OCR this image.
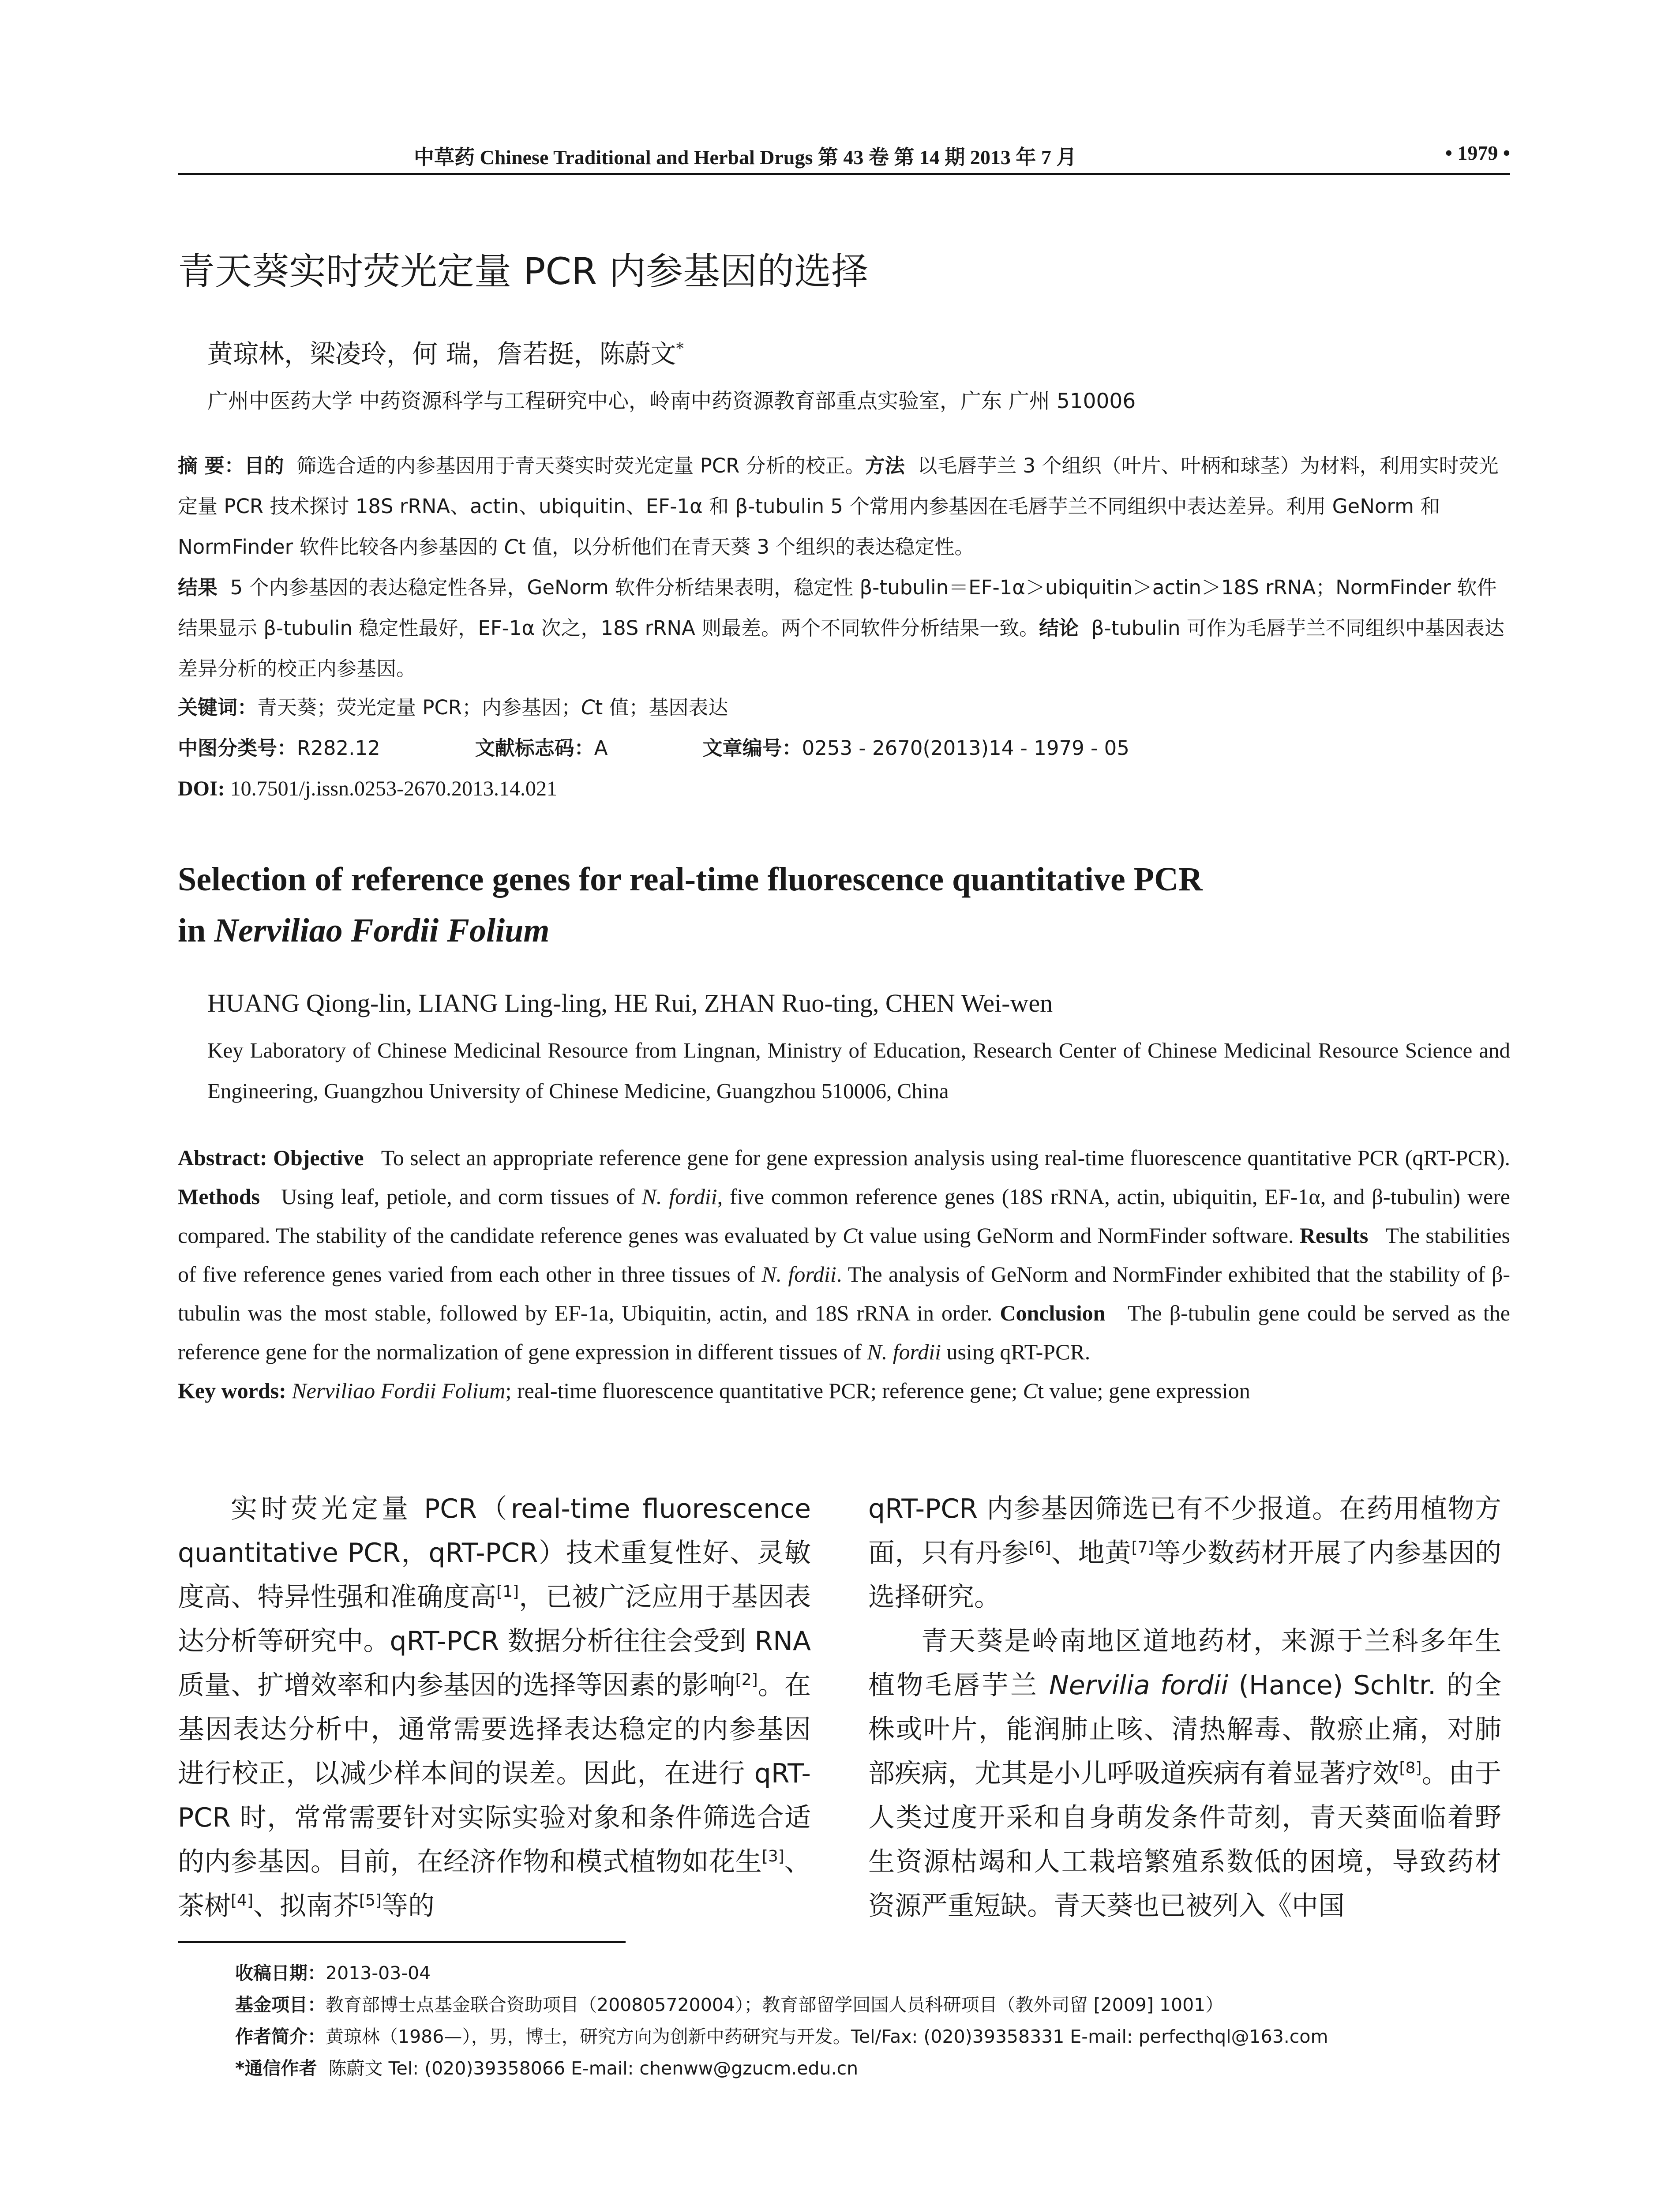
中草药 Chinese Traditional and Herbal Drugs 第 43 卷 第 14 期 2013 年 7 月	• 1979 •
青天葵实时荧光定量 PCR 内参基因的选择
黄琼林，梁凌玲，何 瑞，詹若挺，陈蔚文*
广州中医药大学 中药资源科学与工程研究中心，岭南中药资源教育部重点实验室，广东 广州 510006
摘 要：目的 筛选合适的内参基因用于青天葵实时荧光定量 PCR 分析的校正。方法 以毛唇芋兰 3 个组织（叶片、叶柄和球茎）为材料，利用实时荧光定量 PCR 技术探讨 18S rRNA、actin、ubiquitin、EF-1α 和 β-tubulin 5 个常用内参基因在毛唇芋兰不同组织中表达差异。利用 GeNorm 和 NormFinder 软件比较各内参基因的 Ct 值，以分析他们在青天葵 3 个组织的表达稳定性。
结果 5 个内参基因的表达稳定性各异，GeNorm 软件分析结果表明，稳定性 β-tubulin＝EF-1α＞ubiquitin＞actin＞18S rRNA；NormFinder 软件结果显示 β-tubulin 稳定性最好，EF-1α 次之，18S rRNA 则最差。两个不同软件分析结果一致。结论 β-tubulin 可作为毛唇芋兰不同组织中基因表达差异分析的校正内参基因。
关键词：青天葵；荧光定量 PCR；内参基因；Ct 值；基因表达
中图分类号：R282.12	文献标志码：A	文章编号：0253 - 2670(2013)14 - 1979 - 05
DOI: 10.7501/j.issn.0253-2670.2013.14.021
Selection of reference genes for real-time fluorescence quantitative PCR
in Nerviliao Fordii Folium
HUANG Qiong-lin, LIANG Ling-ling, HE Rui, ZHAN Ruo-ting, CHEN Wei-wen
Key Laboratory of Chinese Medicinal Resource from Lingnan, Ministry of Education, Research Center of Chinese Medicinal Resource Science and Engineering, Guangzhou University of Chinese Medicine, Guangzhou 510006, China
Abstract: Objective To select an appropriate reference gene for gene expression analysis using real-time fluorescence quantitative PCR (qRT-PCR). Methods Using leaf, petiole, and corm tissues of N. fordii, five common reference genes (18S rRNA, actin, ubiquitin, EF-1α, and β-tubulin) were compared. The stability of the candidate reference genes was evaluated by Ct value using GeNorm and NormFinder software. Results The stabilities of five reference genes varied from each other in three tissues of N. fordii. The analysis of GeNorm and NormFinder exhibited that the stability of β-tubulin was the most stable, followed by EF-1a, Ubiquitin, actin, and 18S rRNA in order. Conclusion The β-tubulin gene could be served as the reference gene for the normalization of gene expression in different tissues of N. fordii using qRT-PCR.
Key words: Nerviliao Fordii Folium; real-time fluorescence quantitative PCR; reference gene; Ct value; gene expression

实时荧光定量 PCR（real-time fluorescence quantitative PCR，qRT-PCR）技术重复性好、灵敏度高、特异性强和准确度高[1]，已被广泛应用于基因表达分析等研究中。qRT-PCR 数据分析往往会受到 RNA 质量、扩增效率和内参基因的选择等因素的影响[2]。在基因表达分析中，通常需要选择表达稳定的内参基因进行校正，以减少样本间的误差。因此，在进行 qRT-PCR 时，常常需要针对实际实验对象和条件筛选合适的内参基因。目前，在经济作物和模式植物如花生[3]、茶树[4]、拟南芥[5]等的

qRT-PCR 内参基因筛选已有不少报道。在药用植物方面，只有丹参[6]、地黄[7]等少数药材开展了内参基因的选择研究。

青天葵是岭南地区道地药材，来源于兰科多年生植物毛唇芋兰 Nervilia fordii (Hance) Schltr. 的全株或叶片，能润肺止咳、清热解毒、散瘀止痛，对肺部疾病，尤其是小儿呼吸道疾病有着显著疗效[8]。由于人类过度开采和自身萌发条件苛刻，青天葵面临着野生资源枯竭和人工栽培繁殖系数低的困境，导致药材资源严重短缺。青天葵也已被列入《中国

收稿日期：2013-03-04
基金项目：教育部博士点基金联合资助项目（200805720004）；教育部留学回国人员科研项目（教外司留 [2009] 1001）
作者简介：黄琼林（1986—），男，博士，研究方向为创新中药研究与开发。Tel/Fax: (020)39358331 E-mail: perfecthql@163.com
*通信作者 陈蔚文 Tel: (020)39358066 E-mail: chenww@gzucm.edu.cn
